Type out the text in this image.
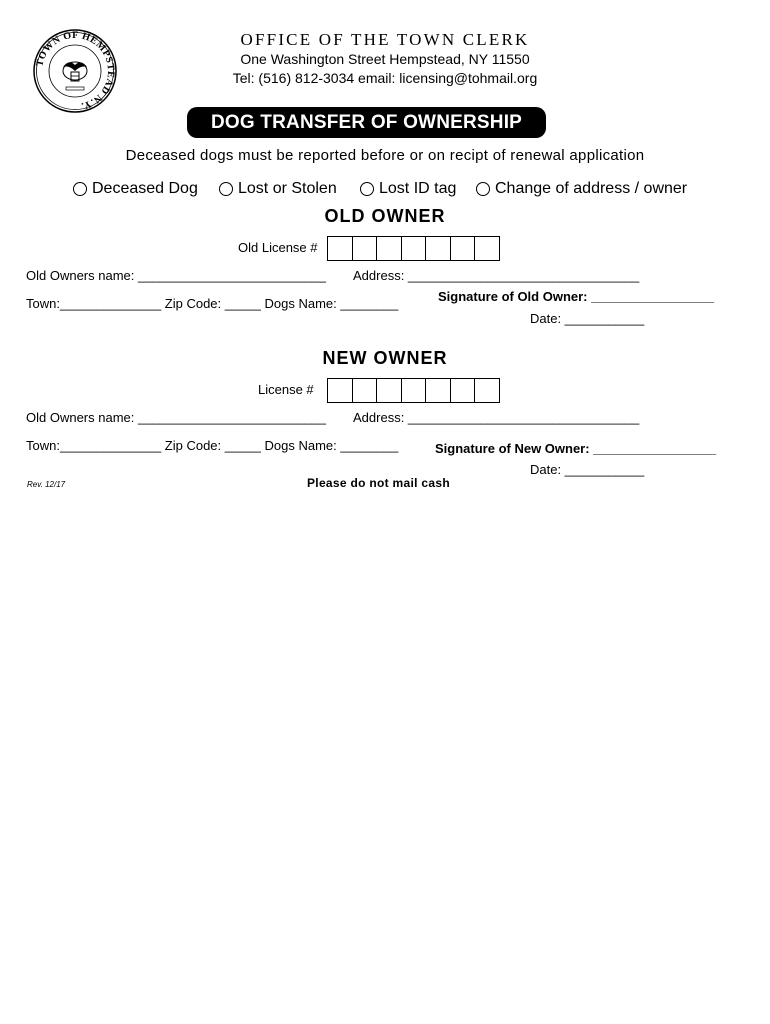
TOWN OF HEMPSTEAD N.Y.
OFFICE OF THE TOWN CLERK
One Washington Street Hempstead, NY 11550
Tel: (516) 812-3034 email: licensing@tohmail.org
DOG TRANSFER OF OWNERSHIP
Deceased dogs must be reported before or on recipt of renewal application
Deceased Dog	Lost or Stolen	Lost ID tag Change of address / owner
OLD OWNER
Old License #
Old Owners name: __________________________ Address: ________________________________
Town:______________ Zip Code: _____ Dogs Name: ________	Signature of Old Owner: _________________
Date: ___________
NEW OWNER
License #
Old Owners name: __________________________ Address: ________________________________
Town:______________ Zip Code: _____ Dogs Name: ________	Signature of New Owner: _________________
Date: ___________
Rev. 12/17	Please do not mail cash
